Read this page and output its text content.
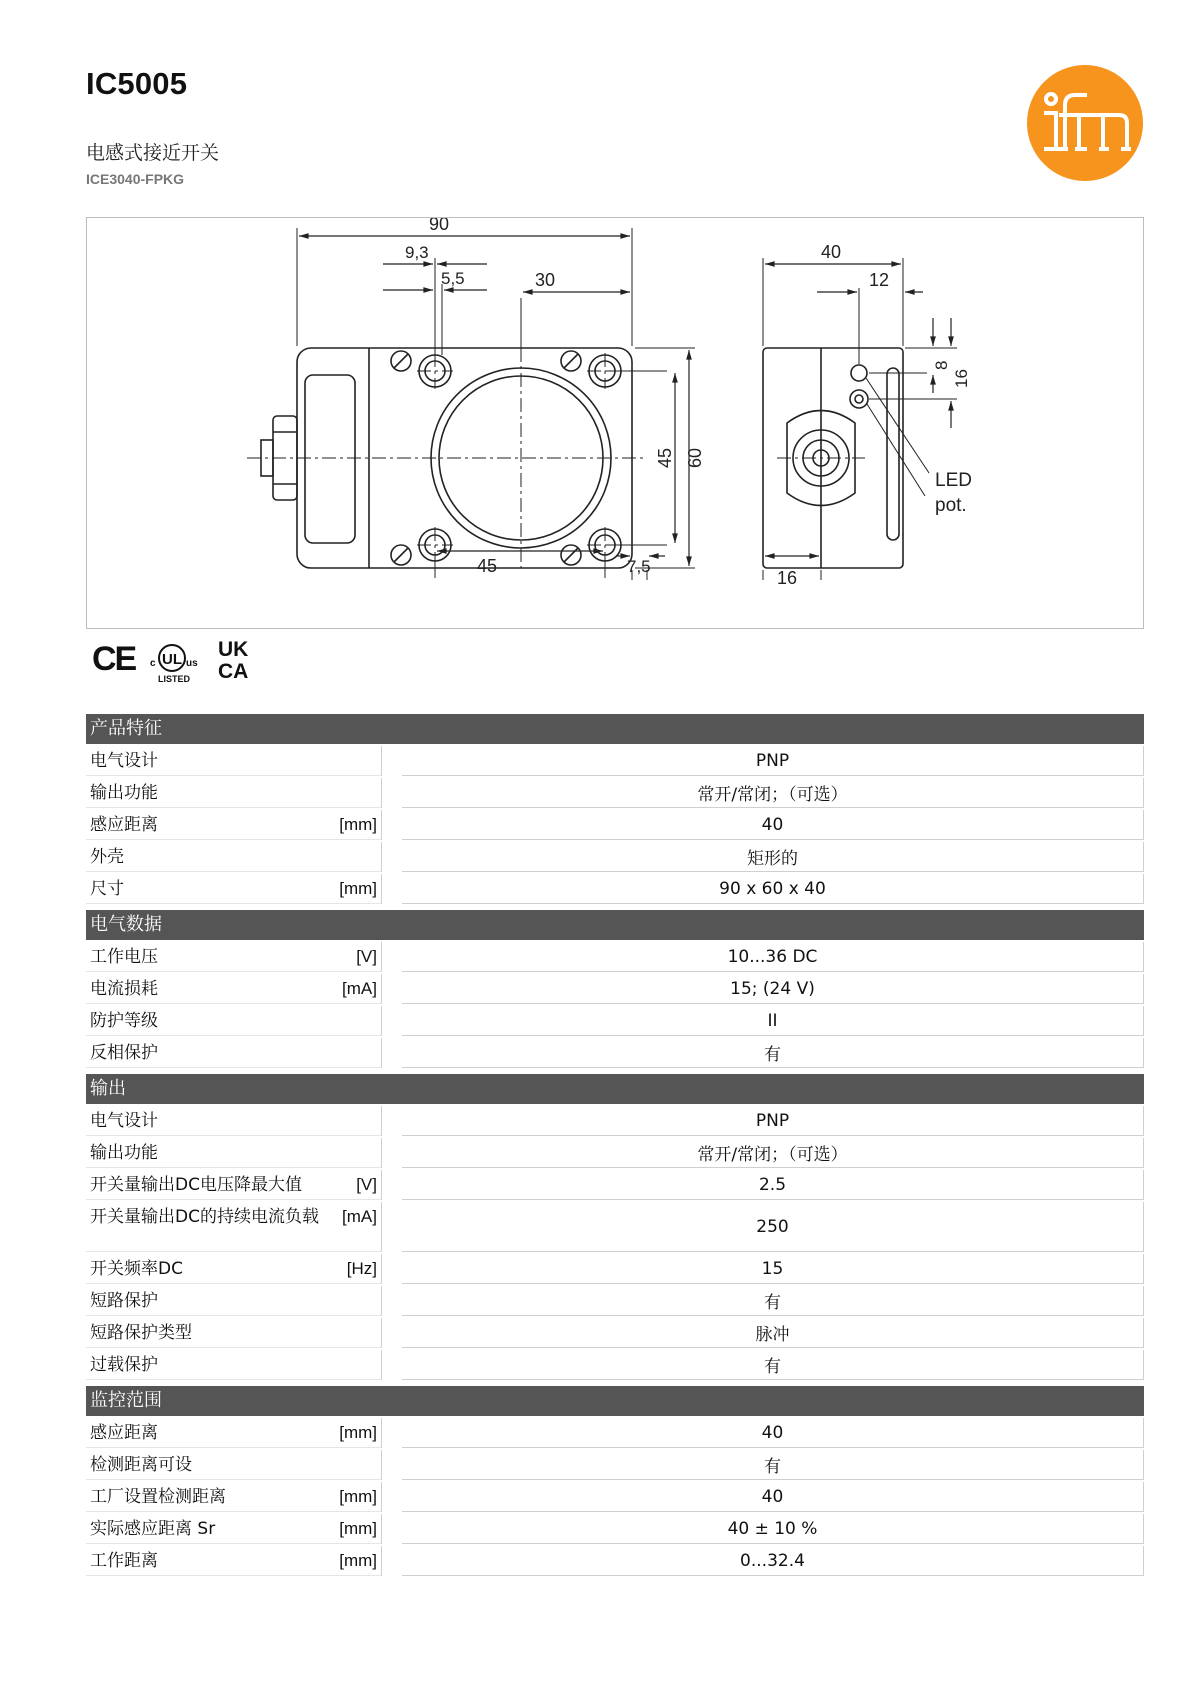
IC5005
电感式接近开关
ICE3040-FPKG
90
9,3
5,5	30
45	7,5
45 60
40
12
8
16
16
LED
pot.
CE c UL us
LISTED
UK
CA
产品特征
电气设计	PNP
输出功能	常开/常闭；（可选）
感应距离	[mm]	40
外壳	矩形的
尺寸	[mm]	90 x 60 x 40
电气数据
工作电压	[V]	10...36 DC
电流损耗	[mA]	15; (24 V)
防护等级	II
反相保护	有
输出
电气设计	PNP
输出功能	常开/常闭；（可选）
开关量输出DC电压降最大值	[V]	2.5
开关量输出DC的持续电流负载 [mA]	250
开关频率DC	[Hz]	15
短路保护	有
短路保护类型	脉冲
过载保护	有
监控范围
感应距离	[mm]	40
检测距离可设	有
工厂设置检测距离	[mm]	40
实际感应距离 Sr	[mm]	40 ± 10 %
工作距离	[mm]	0...32.4
